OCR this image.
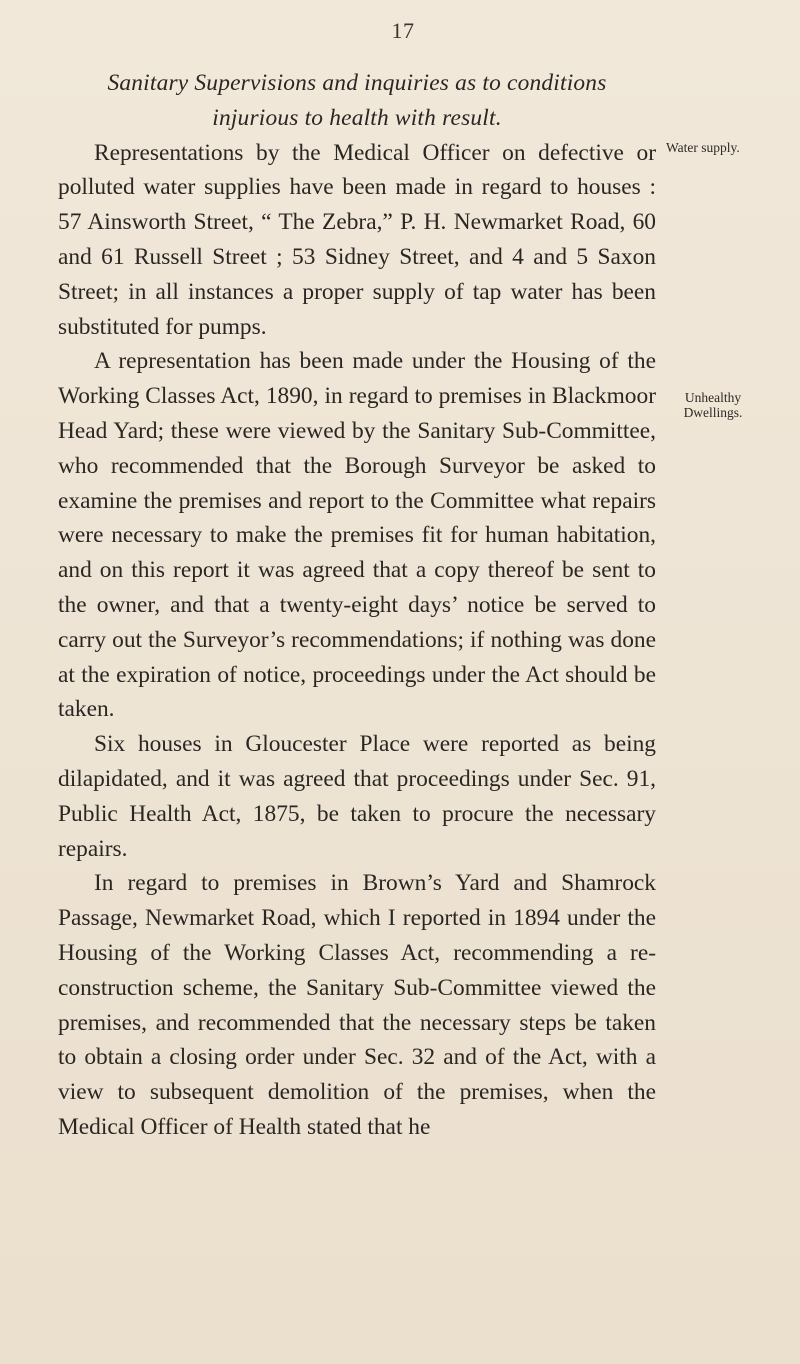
17

Sanitary Supervisions and inquiries as to conditions

injurious to health with result.

Representations by the Medical Officer on defective or polluted water supplies have been made in regard to houses : 57 Ainsworth Street, “ The Zebra,” P. H. Newmarket Road, 60 and 61 Russell Street ; 53 Sidney Street, and 4 and 5 Saxon Street; in all instances a proper supply of tap water has been substituted for pumps.

A representation has been made under the Housing of the Working Classes Act, 1890, in regard to premises in Blackmoor Head Yard; these were viewed by the Sanitary Sub-Committee, who recommended that the Borough Surveyor be asked to examine the premises and report to the Committee what repairs were necessary to make the premises fit for human habitation, and on this report it was agreed that a copy thereof be sent to the owner, and that a twenty-eight days’ notice be served to carry out the Surveyor’s recommendations; if nothing was done at the expiration of notice, proceedings under the Act should be taken.

Six houses in Gloucester Place were reported as being dilapidated, and it was agreed that proceedings under Sec. 91, Public Health Act, 1875, be taken to procure the necessary repairs.

In regard to premises in Brown’s Yard and Shamrock Passage, Newmarket Road, which I reported in 1894 under the Housing of the Working Classes Act, recommending a re-construction scheme, the Sanitary Sub-Committee viewed the premises, and recommended that the necessary steps be taken to obtain a closing order under Sec. 32 and of the Act, with a view to subsequent demolition of the premises, when the Medical Officer of Health stated that he

Water supply.
Unhealthy Dwellings.
